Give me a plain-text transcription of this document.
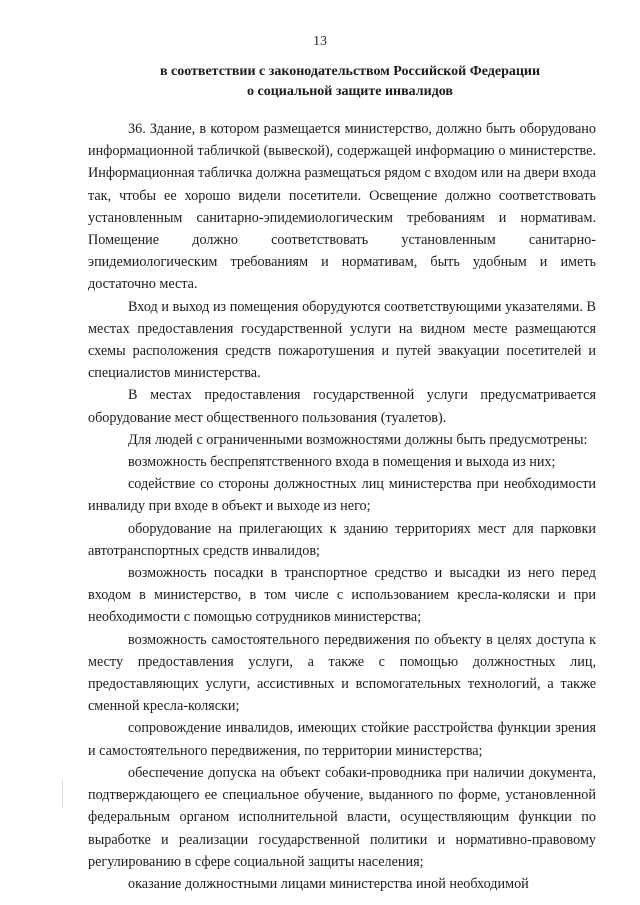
13
в соответствии с законодательством Российской Федерации
о социальной защите инвалидов

36. Здание, в котором размещается министерство, должно быть оборудовано информационной табличкой (вывеской), содержащей информацию о министерстве. Информационная табличка должна размещаться рядом с входом или на двери входа так, чтобы ее хорошо видели посетители. Освещение должно соответствовать установленным санитарно-эпидемиологическим требованиям и нормативам. Помещение должно соответствовать установленным санитарно-эпидемиологическим требованиям и нормативам, быть удобным и иметь достаточно места.

Вход и выход из помещения оборудуются соответствующими указателями. В местах предоставления государственной услуги на видном месте размещаются схемы расположения средств пожаротушения и путей эвакуации посетителей и специалистов министерства.

В местах предоставления государственной услуги предусматривается оборудование мест общественного пользования (туалетов).

Для людей с ограниченными возможностями должны быть предусмотрены:

возможность беспрепятственного входа в помещения и выхода из них;

содействие со стороны должностных лиц министерства при необходимости инвалиду при входе в объект и выходе из него;

оборудование на прилегающих к зданию территориях мест для парковки автотранспортных средств инвалидов;

возможность посадки в транспортное средство и высадки из него перед входом в министерство, в том числе с использованием кресла-коляски и при необходимости с помощью сотрудников министерства;

возможность самостоятельного передвижения по объекту в целях доступа к месту предоставления услуги, а также с помощью должностных лиц, предоставляющих услуги, ассистивных и вспомогательных технологий, а также сменной кресла-коляски;

сопровождение инвалидов, имеющих стойкие расстройства функции зрения и самостоятельного передвижения, по территории министерства;

обеспечение допуска на объект собаки-проводника при наличии документа, подтверждающего ее специальное обучение, выданного по форме, установленной федеральным органом исполнительной власти, осуществляющим функции по выработке и реализации государственной политики и нормативно-правовому регулированию в сфере социальной защиты населения;

оказание должностными лицами министерства иной необходимой
